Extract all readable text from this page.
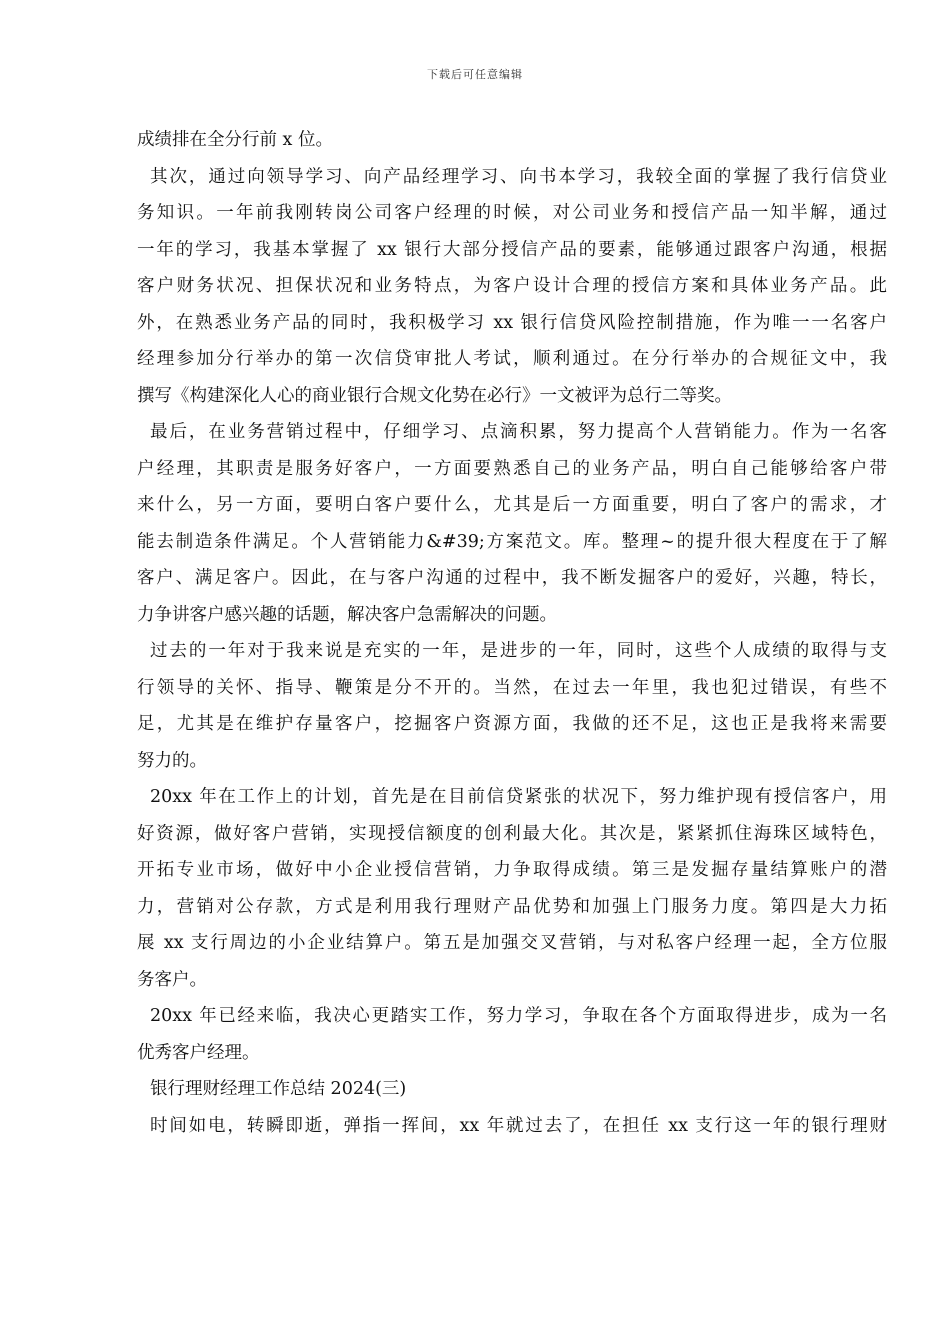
下载后可任意编辑
成绩排在全分行前 x 位。
其次，通过向领导学习、向产品经理学习、向书本学习，我较全面的掌握了我行信贷业
务知识。一年前我刚转岗公司客户经理的时候，对公司业务和授信产品一知半解，通过
一年的学习，我基本掌握了 xx 银行大部分授信产品的要素，能够通过跟客户沟通，根据
客户财务状况、担保状况和业务特点，为客户设计合理的授信方案和具体业务产品。此
外，在熟悉业务产品的同时，我积极学习 xx 银行信贷风险控制措施，作为唯一一名客户
经理参加分行举办的第一次信贷审批人考试，顺利通过。在分行举办的合规征文中，我
撰写《构建深化人心的商业银行合规文化势在必行》一文被评为总行二等奖。
最后，在业务营销过程中，仔细学习、点滴积累，努力提高个人营销能力。作为一名客
户经理，其职责是服务好客户，一方面要熟悉自己的业务产品，明白自己能够给客户带
来什么，另一方面，要明白客户要什么，尤其是后一方面重要，明白了客户的需求，才
能去制造条件满足。个人营销能力&#39;方案范文。库。整理~的提升很大程度在于了解
客户、满足客户。因此，在与客户沟通的过程中，我不断发掘客户的爱好，兴趣，特长，
力争讲客户感兴趣的话题，解决客户急需解决的问题。
过去的一年对于我来说是充实的一年，是进步的一年，同时，这些个人成绩的取得与支
行领导的关怀、指导、鞭策是分不开的。当然，在过去一年里，我也犯过错误，有些不
足，尤其是在维护存量客户，挖掘客户资源方面，我做的还不足，这也正是我将来需要
努力的。
20xx 年在工作上的计划，首先是在目前信贷紧张的状况下，努力维护现有授信客户，用
好资源，做好客户营销，实现授信额度的创利最大化。其次是，紧紧抓住海珠区域特色，
开拓专业市场，做好中小企业授信营销，力争取得成绩。第三是发掘存量结算账户的潜
力，营销对公存款，方式是利用我行理财产品优势和加强上门服务力度。第四是大力拓
展 xx 支行周边的小企业结算户。第五是加强交叉营销，与对私客户经理一起，全方位服
务客户。
20xx 年已经来临，我决心更踏实工作，努力学习，争取在各个方面取得进步，成为一名
优秀客户经理。
银行理财经理工作总结 2024(三)
时间如电，转瞬即逝，弹指一挥间，xx 年就过去了，在担任 xx 支行这一年的银行理财
